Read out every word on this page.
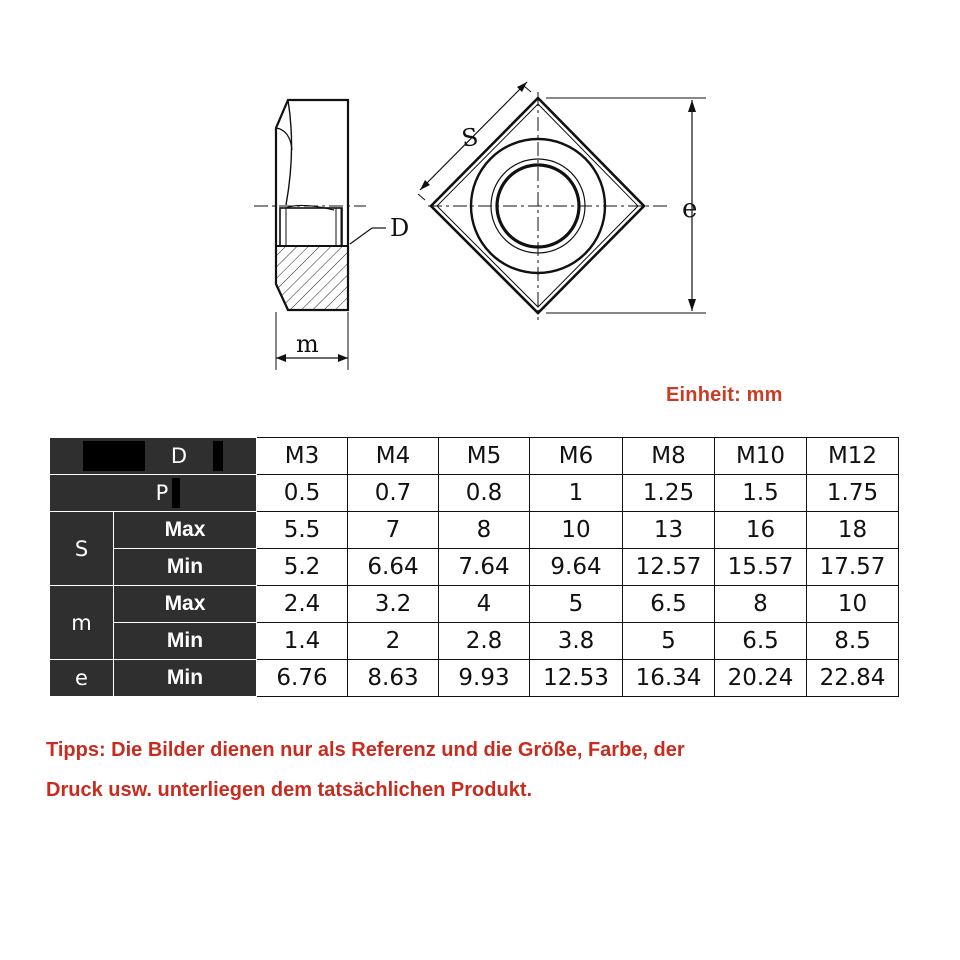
S
e
D
m
Einheit: mm
D		M3	M4	M5	M6	M8	M10	M12
P		0.5	0.7	0.8	1	1.25	1.5	1.75
S	Max	5.5	7	8	10	13	16	18
	Min	5.2	6.64	7.64	9.64	12.57	15.57	17.57
m	Max	2.4	3.2	4	5	6.5	8	10
	Min	1.4	2	2.8	3.8	5	6.5	8.5
e	Min	6.76	8.63	9.93	12.53	16.34	20.24	22.84
Tipps: Die Bilder dienen nur als Referenz und die Größe, Farbe, der
Druck usw. unterliegen dem tatsächlichen Produkt.
